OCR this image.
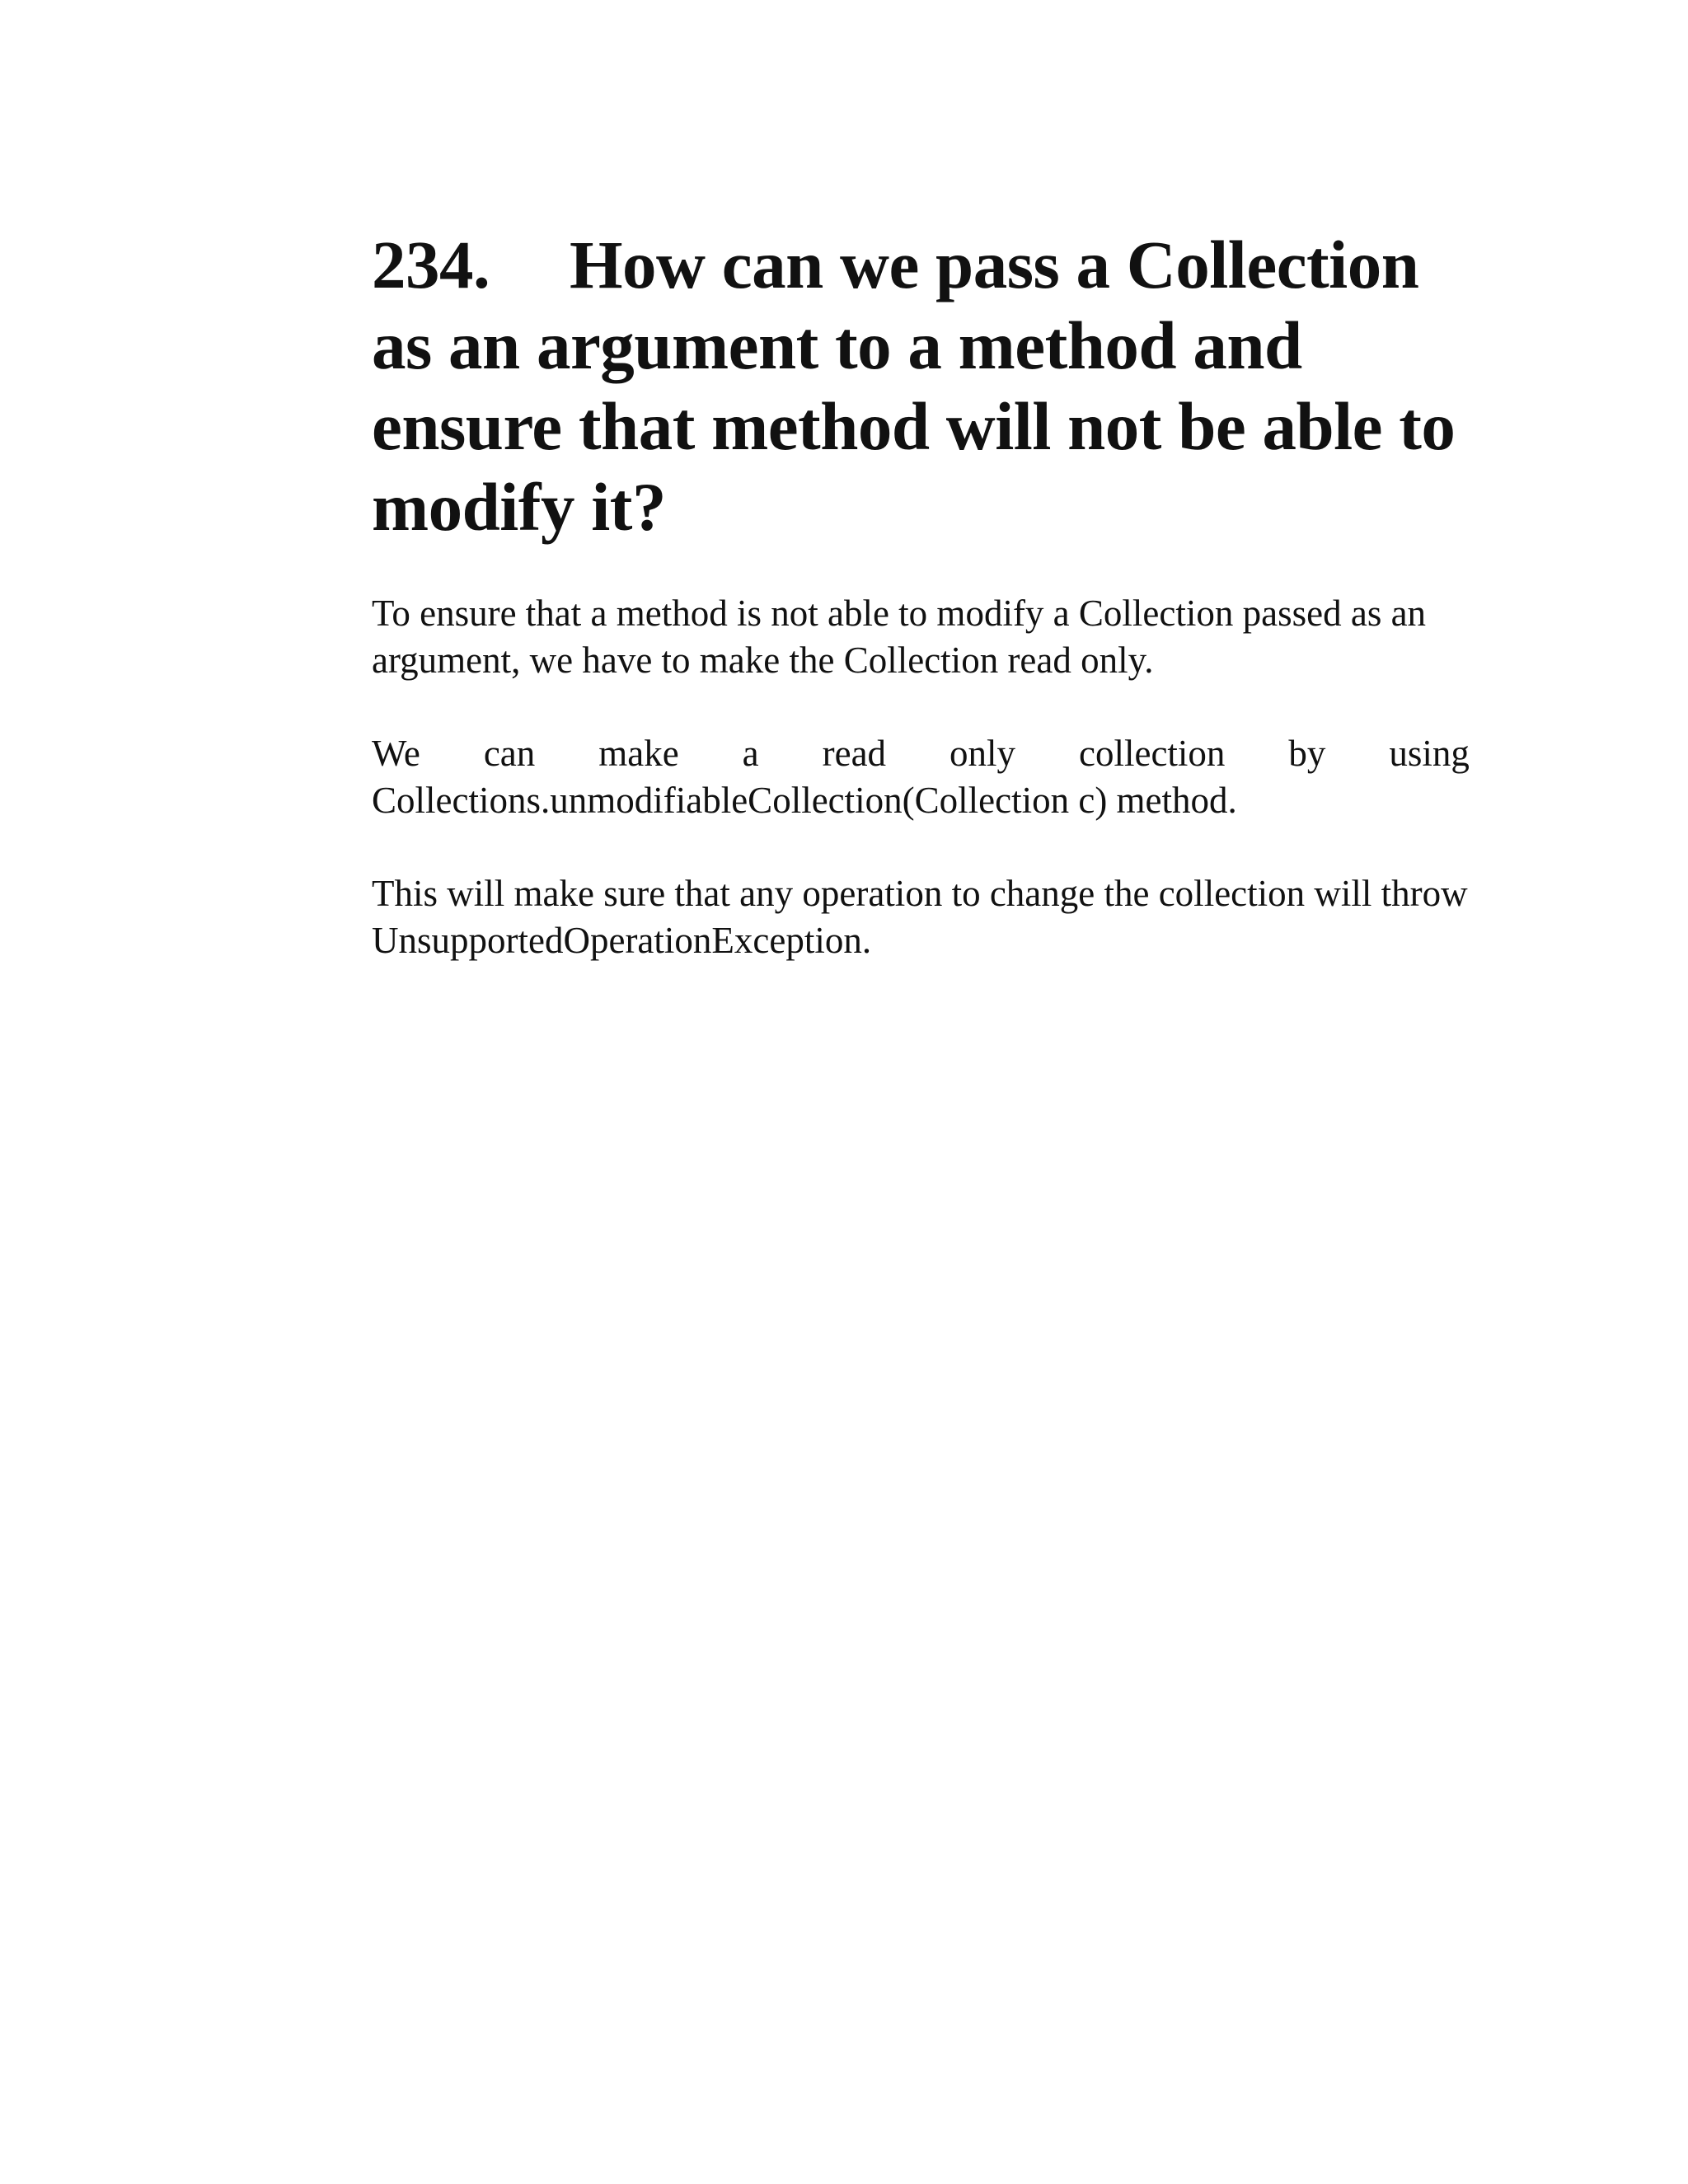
234. How can we pass a Collection as an argument to a method and ensure that method will not be able to modify it?

To ensure that a method is not able to modify a Collection passed as an argument, we have to make the Collection read only.

We can make a read only collection by using
Collections.unmodifiableCollection(Collection c) method.

This will make sure that any operation to change the collection will throw UnsupportedOperationException.
